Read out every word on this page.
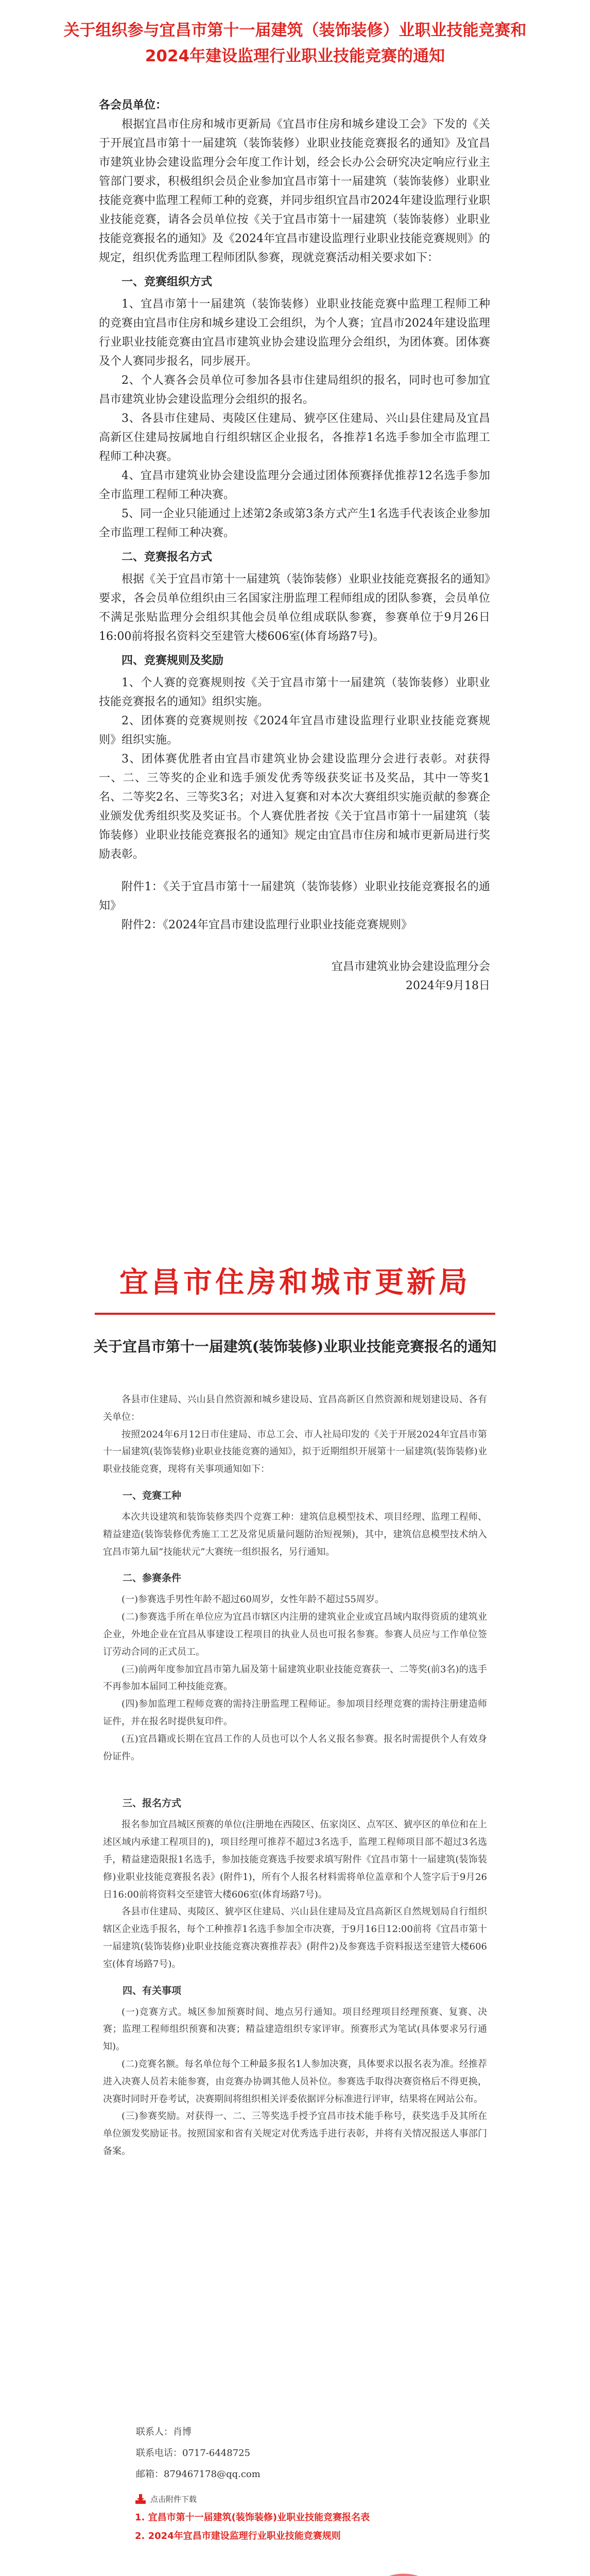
关于组织参与宜昌市第十一届建筑（装饰装修）业职业技能竞赛和2024年建设监理行业职业技能竞赛的通知

各会员单位：

根据宜昌市住房和城市更新局《宜昌市住房和城乡建设工会》下发的《关于开展宜昌市第十一届建筑（装饰装修）业职业技能竞赛报名的通知》及宜昌市建筑业协会建设监理分会年度工作计划，经会长办公会研究决定响应行业主管部门要求，积极组织会员企业参加宜昌市第十一届建筑（装饰装修）业职业技能竞赛中监理工程师工种的竞赛，并同步组织宜昌市2024年建设监理行业职业技能竞赛，请各会员单位按《关于宜昌市第十一届建筑（装饰装修）业职业技能竞赛报名的通知》及《2024年宜昌市建设监理行业职业技能竞赛规则》的规定，组织优秀监理工程师团队参赛，现就竞赛活动相关要求如下：

一、竞赛组织方式

1、宜昌市第十一届建筑（装饰装修）业职业技能竞赛中监理工程师工种的竞赛由宜昌市住房和城乡建设工会组织，为个人赛；宜昌市2024年建设监理行业职业技能竞赛由宜昌市建筑业协会建设监理分会组织，为团体赛。团体赛及个人赛同步报名，同步展开。

2、个人赛各会员单位可参加各县市住建局组织的报名，同时也可参加宜昌市建筑业协会建设监理分会组织的报名。

3、各县市住建局、夷陵区住建局、猇亭区住建局、兴山县住建局及宜昌高新区住建局按属地自行组织辖区企业报名，各推荐1名选手参加全市监理工程师工种决赛。

4、宜昌市建筑业协会建设监理分会通过团体预赛择优推荐12名选手参加全市监理工程师工种决赛。

5、同一企业只能通过上述第2条或第3条方式产生1名选手代表该企业参加全市监理工程师工种决赛。

二、竞赛报名方式

根据《关于宜昌市第十一届建筑（装饰装修）业职业技能竞赛报名的通知》要求，各会员单位组织由三名国家注册监理工程师组成的团队参赛，会员单位不满足张贴监理分会组织其他会员单位组成联队参赛，参赛单位于9月26日16:00前将报名资料交至建管大楼606室(体育场路7号)。

四、竞赛规则及奖励

1、个人赛的竞赛规则按《关于宜昌市第十一届建筑（装饰装修）业职业技能竞赛报名的通知》组织实施。

2、团体赛的竞赛规则按《2024年宜昌市建设监理行业职业技能竞赛规则》组织实施。

3、团体赛优胜者由宜昌市建筑业协会建设监理分会进行表彰。对获得一、二、三等奖的企业和选手颁发优秀等级获奖证书及奖品，其中一等奖1名、二等奖2名、三等奖3名；对进入复赛和对本次大赛组织实施贡献的参赛企业颁发优秀组织奖及奖证书。个人赛优胜者按《关于宜昌市第十一届建筑（装饰装修）业职业技能竞赛报名的通知》规定由宜昌市住房和城市更新局进行奖励表彰。

附件1：《关于宜昌市第十一届建筑（装饰装修）业职业技能竞赛报名的通知》

附件2：《2024年宜昌市建设监理行业职业技能竞赛规则》

宜昌市建筑业协会建设监理分会

2024年9月18日

宜昌市住房和城市更新局
关于宜昌市第十一届建筑(装饰装修)业职业技能竞赛报名的通知

各县市住建局、兴山县自然资源和城乡建设局、宜昌高新区自然资源和规划建设局、各有关单位：

按照2024年6月12日市住建局、市总工会、市人社局印发的《关于开展2024年宜昌市第十一届建筑(装饰装修)业职业技能竞赛的通知》，拟于近期组织开展第十一届建筑(装饰装修)业职业技能竞赛，现将有关事项通知如下：

一、竞赛工种

本次共设建筑和装饰装修类四个竞赛工种：建筑信息模型技术、项目经理、监理工程师、精益建造(装饰装修优秀施工工艺及常见质量问题防治短视频)，其中，建筑信息模型技术纳入宜昌市第九届“技能状元”大赛统一组织报名，另行通知。

二、参赛条件

(一)参赛选手男性年龄不超过60周岁，女性年龄不超过55周岁。

(二)参赛选手所在单位应为宜昌市辖区内注册的建筑业企业或宜昌域内取得资质的建筑业企业，外地企业在宜昌从事建设工程项目的执业人员也可报名参赛。参赛人员应与工作单位签订劳动合同的正式员工。

(三)前两年度参加宜昌市第九届及第十届建筑业职业技能竞赛获一、二等奖(前3名)的选手不再参加本届同工种技能竞赛。

(四)参加监理工程师竞赛的需持注册监理工程师证。参加项目经理竞赛的需持注册建造师证件，并在报名时提供复印件。

(五)宜昌籍或长期在宜昌工作的人员也可以个人名义报名参赛。报名时需提供个人有效身份证件。

三、报名方式

报名参加宜昌城区预赛的单位(注册地在西陵区、伍家岗区、点军区、猇亭区的单位和在上述区域内承建工程项目的)，项目经理可推荐不超过3名选手，监理工程师项目部不超过3名选手，精益建造限报1名选手，参加技能竞赛选手按要求填写附件《宜昌市第十一届建筑(装饰装修)业职业技能竞赛报名表》(附件1)，所有个人报名材料需将单位盖章和个人签字后于9月26日16:00前将资料交至建管大楼606室(体育场路7号)。

各县市住建局、夷陵区、猇亭区住建局、兴山县住建局及宜昌高新区自然规划局自行组织辖区企业选手报名，每个工种推荐1名选手参加全市决赛，于9月16日12:00前将《宜昌市第十一届建筑(装饰装修)业职业技能竞赛决赛推荐表》(附件2)及参赛选手资料报送至建管大楼606室(体育场路7号)。

四、有关事项

(一)竞赛方式。城区参加预赛时间、地点另行通知。项目经理项目经理预赛、复赛、决赛；监理工程师组织预赛和决赛；精益建造组织专家评审。预赛形式为笔试(具体要求另行通知)。

(二)竞赛名额。每名单位每个工种最多报名1人参加决赛，具体要求以报名表为准。经推荐进入决赛人员若未能参赛，由竞赛办协调其他人员补位。参赛选手取得决赛资格后不得更换，决赛时同时开卷考试，决赛期间将组织相关评委依据评分标准进行评审，结果将在网站公布。

(三)参赛奖励。对获得一、二、三等奖选手授予宜昌市技术能手称号，获奖选手及其所在单位颁发奖励证书。按照国家和省有关规定对优秀选手进行表彰，并将有关情况报送人事部门备案。

联系人：肖博
联系电话：0717-6448725
邮箱：879467178@qq.com
点击附件下载
1. 宜昌市第十一届建筑(装饰装修)业职业技能竞赛报名表
2. 2024年宜昌市建设监理行业职业技能竞赛规则
